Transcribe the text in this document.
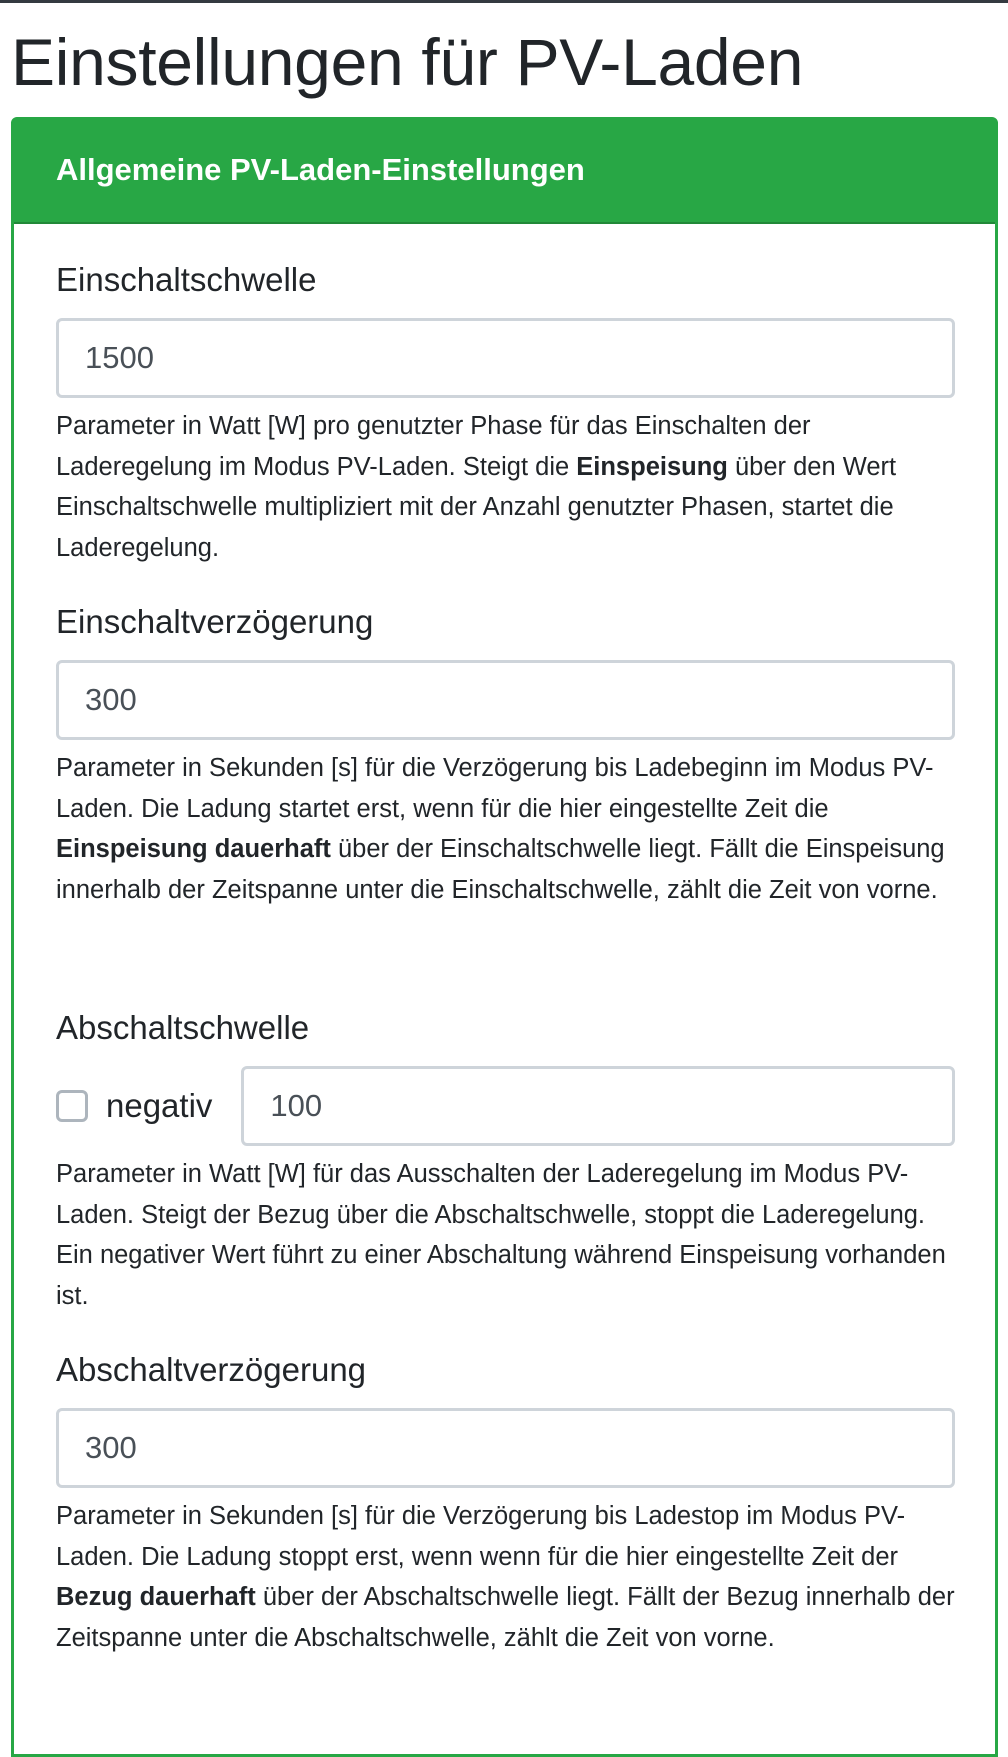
Einstellungen für PV-Laden
Allgemeine PV-Laden-Einstellungen

Einschaltschwelle

1500

Parameter in Watt [W] pro genutzter Phase für das Einschalten der Laderegelung im Modus PV-Laden. Steigt die Einspeisung über den Wert Einschaltschwelle multipliziert mit der Anzahl genutzter Phasen, startet die Laderegelung.

Einschaltverzögerung

300

Parameter in Sekunden [s] für die Verzögerung bis Ladebeginn im Modus PV-Laden. Die Ladung startet erst, wenn für die hier eingestellte Zeit die Einspeisung dauerhaft über der Einschaltschwelle liegt. Fällt die Einspeisung innerhalb der Zeitspanne unter die Einschaltschwelle, zählt die Zeit von vorne.

Abschaltschwelle

negativ	100

Parameter in Watt [W] für das Ausschalten der Laderegelung im Modus PV-Laden. Steigt der Bezug über die Abschaltschwelle, stoppt die Laderegelung. Ein negativer Wert führt zu einer Abschaltung während Einspeisung vorhanden ist.

Abschaltverzögerung

300

Parameter in Sekunden [s] für die Verzögerung bis Ladestop im Modus PV-Laden. Die Ladung stoppt erst, wenn wenn für die hier eingestellte Zeit der Bezug dauerhaft über der Abschaltschwelle liegt. Fällt der Bezug innerhalb der Zeitspanne unter die Abschaltschwelle, zählt die Zeit von vorne.
